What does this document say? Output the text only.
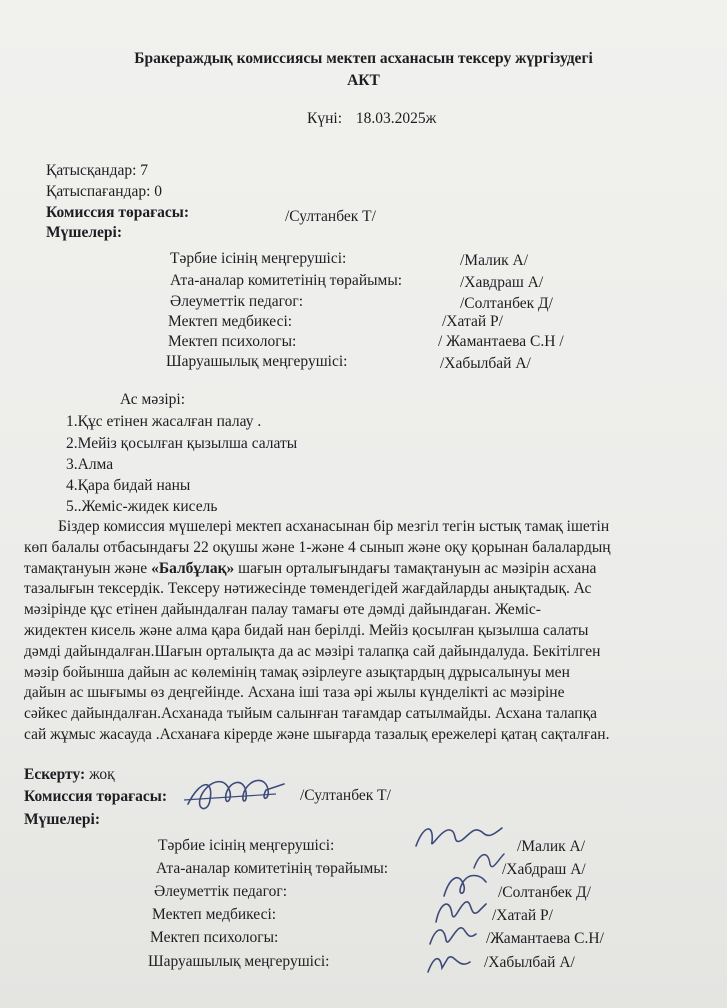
Бракераждық комиссиясы мектеп асханасын тексеру жүргізудегі
АКТ
Күні: 18.03.2025ж
Қатысқандар: 7
Қатыспағандар: 0
Комиссия төрағасы:	/Султанбек Т/
Мүшелері:
Тәрбие ісінің меңгерушісі:	/Малик А/
Ата-аналар комитетінің төрайымы:	/Хавдраш А/
Әлеуметтік педагог:	/Солтанбек Д/
Мектеп медбикесі:	/Хатай Р/
Мектеп психологы:	/ Жамантаева С.Н /
Шаруашылық меңгерушісі:	/Хабылбай А/
Ас мәзірі:
1.Құс етінен жасалған палау .
2.Мейіз қосылған қызылша салаты
3.Алма
4.Қара бидай наны
5..Жеміс-жидек кисель
Біздер комиссия мүшелері мектеп асханасынан бір мезгіл тегін ыстық тамақ ішетін
көп балалы отбасындағы 22 оқушы және 1-және 4 сынып және оқу қорынан балалардың
тамақтануын және «Балбұлақ» шағын орталығындағы тамақтануын ас мәзірін асхана
тазалығын тексердік. Тексеру нәтижесінде төмендегідей жағдайларды анықтадық. Ас
мәзірінде құс етінен дайындалған палау тамағы өте дәмді дайындаған. Жеміс-
жидектен кисель және алма қара бидай нан берілді. Мейіз қосылған қызылша салаты
дәмді дайындалған.Шағын орталықта да ас мәзірі талапқа сай дайындалуда. Бекітілген
мәзір бойынша дайын ас көлемінің тамақ әзірлеуге азықтардың дұрысалынуы мен
дайын ас шығымы өз деңгейінде. Асхана іші таза әрі жылы күнделікті ас мәзіріне
сәйкес дайындалған.Асханада тыйым салынған тағамдар сатылмайды. Асхана талапқа
сай жұмыс жасауда .Асханаға кірерде және шығарда тазалық ережелері қатаң сақталған.
Ескерту: жоқ
Комиссия төрағасы:	/Султанбек Т/
Мүшелері:
Тәрбие ісінің меңгерушісі:	/Малик А/
Ата-аналар комитетінің төрайымы:	/Хабдраш А/
Әлеуметтік педагог:	/Солтанбек Д/
Мектеп медбикесі:	/Хатай Р/
Мектеп психологы:	/Жамантаева С.Н/
Шаруашылық меңгерушісі:	/Хабылбай А/
